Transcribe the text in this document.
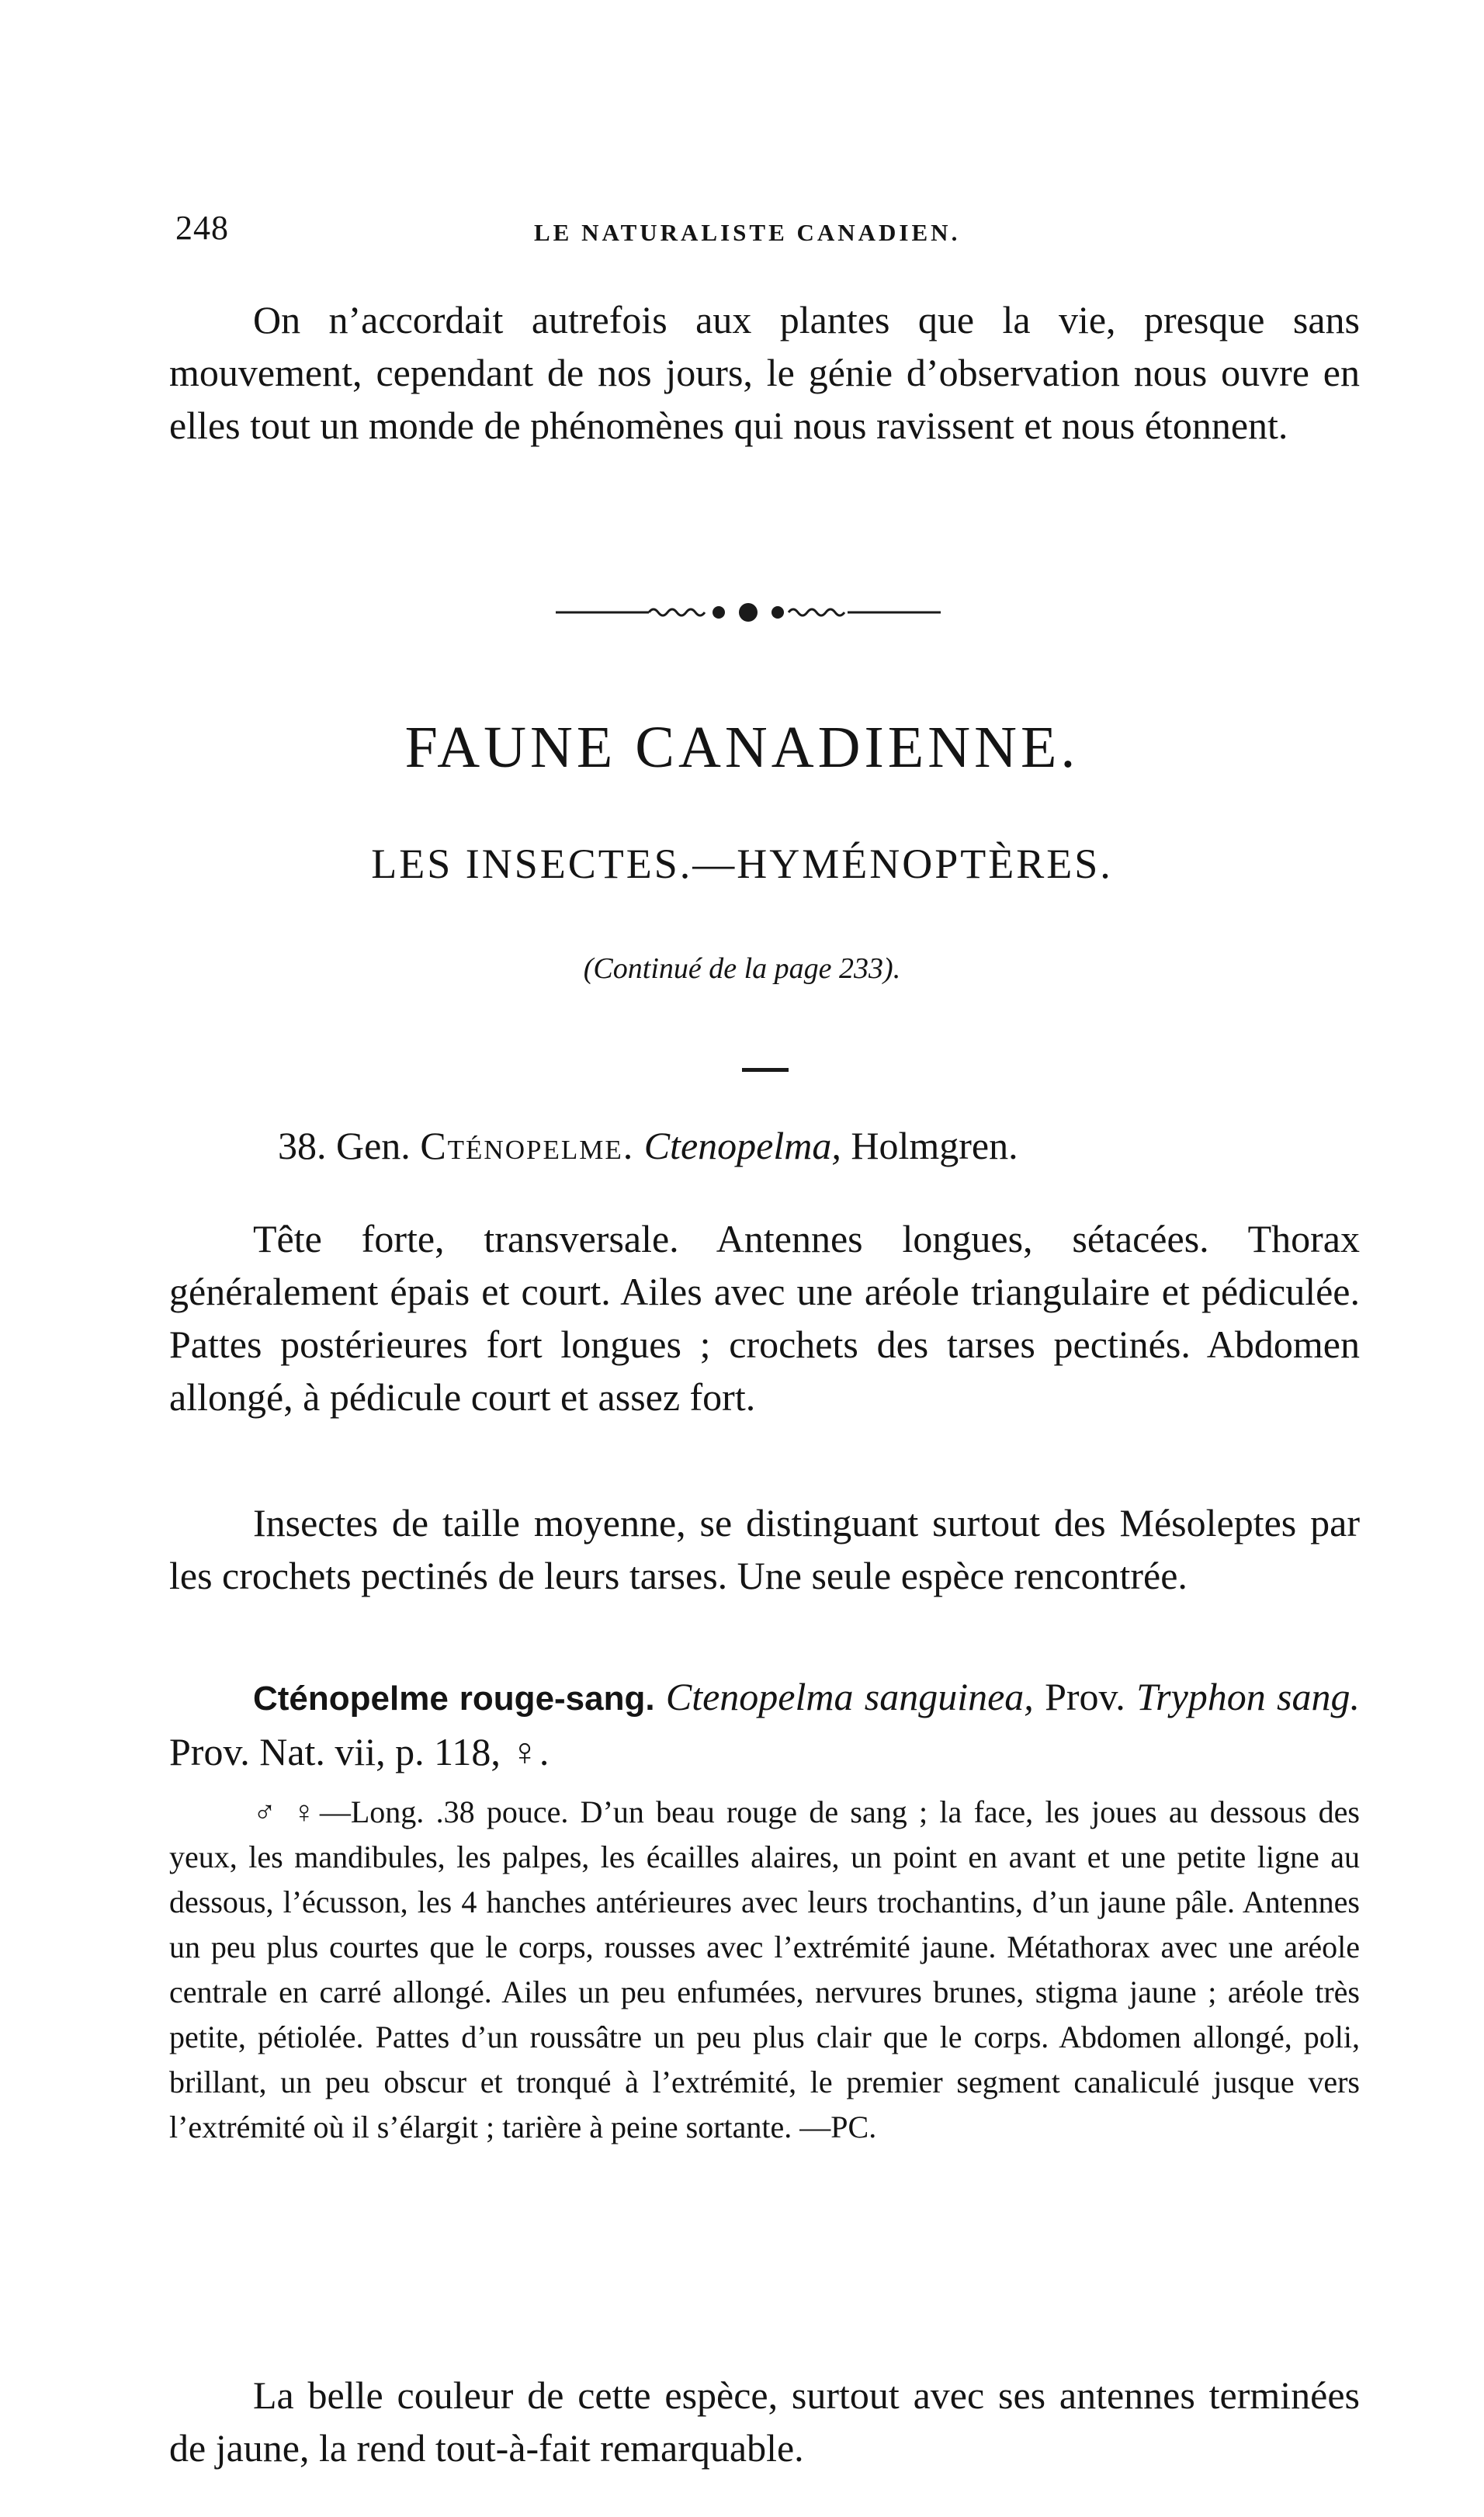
248	LE NATURALISTE CANADIEN.

On n’accordait autrefois aux plantes que la vie, presque sans mouvement, cependant de nos jours, le génie d’observation nous ouvre en elles tout un monde de phénomènes qui nous ravissent et nous étonnent.

FAUNE CANADIENNE.
LES INSECTES.—HYMÉNOPTÈRES.
(Continué de la page 233).
38. Gen. Cténopelme. Ctenopelma, Holmgren.

Tête forte, transversale. Antennes longues, sétacées. Thorax généralement épais et court. Ailes avec une aréole triangulaire et pédiculée. Pattes postérieures fort longues ; crochets des tarses pectinés. Abdomen allongé, à pédicule court et assez fort.

Insectes de taille moyenne, se distinguant surtout des Mésoleptes par les crochets pectinés de leurs tarses. Une seule espèce rencontrée.

Cténopelme rouge-sang. Ctenopelma sanguinea, Prov. Tryphon sang. Prov. Nat. vii, p. 118, ♀.

♂ ♀—Long. .38 pouce. D’un beau rouge de sang ; la face, les joues au dessous des yeux, les mandibules, les palpes, les écailles alaires, un point en avant et une petite ligne au dessous, l’écusson, les 4 hanches antérieures avec leurs trochantins, d’un jaune pâle. Antennes un peu plus courtes que le corps, rousses avec l’extrémité jaune. Métathorax avec une aréole centrale en carré allongé. Ailes un peu enfumées, nervures brunes, stigma jaune ; aréole très petite, pétiolée. Pattes d’un roussâtre un peu plus clair que le corps. Abdomen allongé, poli, brillant, un peu obscur et tronqué à l’extrémité, le premier segment canaliculé jusque vers l’extrémité où il s’élargit ; tarière à peine sortante. —PC.

La belle couleur de cette espèce, surtout avec ses antennes terminées de jaune, la rend tout-à-fait remarquable.
